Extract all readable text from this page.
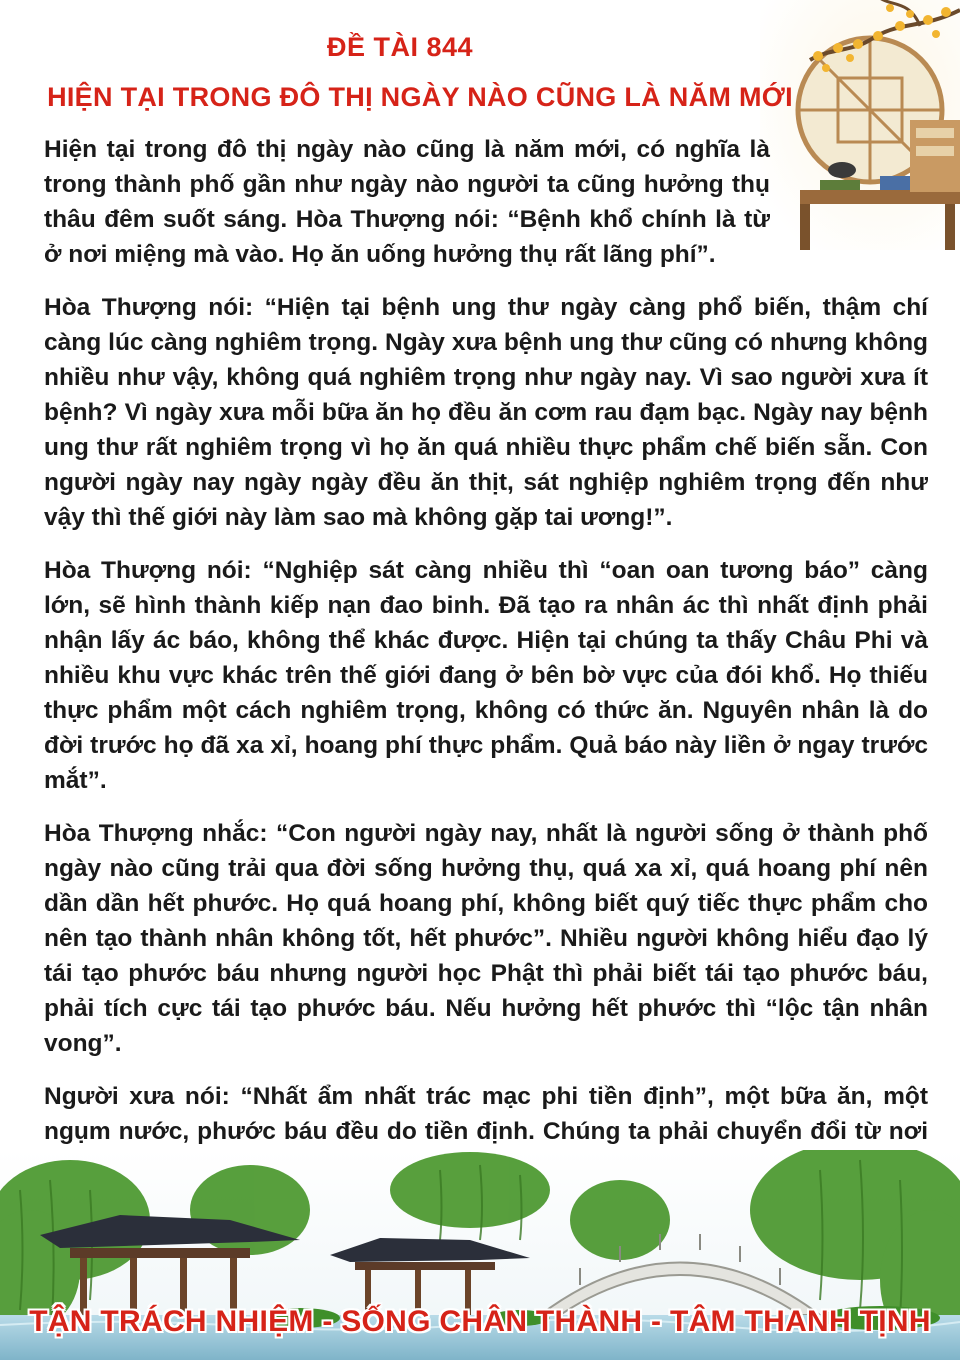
ĐỀ TÀI 844
HIỆN TẠI TRONG ĐÔ THỊ NGÀY NÀO CŨNG LÀ NĂM MỚI

Hiện tại trong đô thị ngày nào cũng là năm mới, có nghĩa là trong thành phố gần như ngày nào người ta cũng hưởng thụ thâu đêm suốt sáng. Hòa Thượng nói: “Bệnh khổ chính là từ ở nơi miệng mà vào. Họ ăn uống hưởng thụ rất lãng phí”.

Hòa Thượng nói: “Hiện tại bệnh ung thư ngày càng phổ biến, thậm chí càng lúc càng nghiêm trọng. Ngày xưa bệnh ung thư cũng có nhưng không nhiều như vậy, không quá nghiêm trọng như ngày nay. Vì sao người xưa ít bệnh? Vì ngày xưa mỗi bữa ăn họ đều ăn cơm rau đạm bạc. Ngày nay bệnh ung thư rất nghiêm trọng vì họ ăn quá nhiều thực phẩm chế biến sẵn. Con người ngày nay ngày ngày đều ăn thịt, sát nghiệp nghiêm trọng đến như vậy thì thế giới này làm sao mà không gặp tai ương!”.

Hòa Thượng nói: “Nghiệp sát càng nhiều thì “oan oan tương báo” càng lớn, sẽ hình thành kiếp nạn đao binh. Đã tạo ra nhân ác thì nhất định phải nhận lấy ác báo, không thể khác được. Hiện tại chúng ta thấy Châu Phi và nhiều khu vực khác trên thế giới đang ở bên bờ vực của đói khổ. Họ thiếu thực phẩm một cách nghiêm trọng, không có thức ăn. Nguyên nhân là do đời trước họ đã xa xỉ, hoang phí thực phẩm. Quả báo này liền ở ngay trước mắt”.

Hòa Thượng nhắc: “Con người ngày nay, nhất là người sống ở thành phố ngày nào cũng trải qua đời sống hưởng thụ, quá xa xỉ, quá hoang phí nên dần dần hết phước. Họ quá hoang phí, không biết quý tiếc thực phẩm cho nên tạo thành nhân không tốt, hết phước”. Nhiều người không hiểu đạo lý tái tạo phước báu nhưng người học Phật thì phải biết tái tạo phước báu, phải tích cực tái tạo phước báu. Nếu hưởng hết phước thì “lộc tận nhân vong”.

Người xưa nói: “Nhất ẩm nhất trác mạc phi tiền định”, một bữa ăn, một ngụm nước, phước báu đều do tiền định. Chúng ta phải chuyển đổi từ nơi

TẬN TRÁCH NHIỆM - SỐNG CHÂN THÀNH - TÂM THANH TỊNH
